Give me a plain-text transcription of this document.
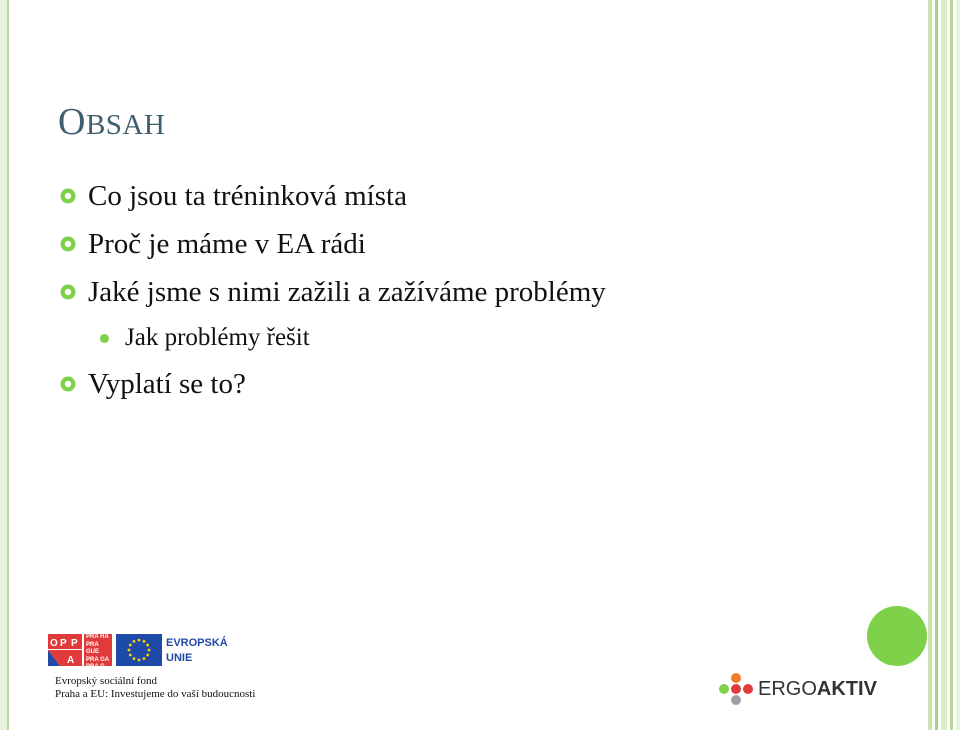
OBSAH
Co jsou ta tréninková místa
Proč je máme v EA rádi
Jaké jsme s nimi zažili a zažíváme problémy
Jak problémy řešit
Vyplatí se to?
O P P
A
PRA HA
PRA GUE
PRA GA
PRA G
EVROPSKÁ
UNIE
Evropský sociální fond
Praha a EU: Investujeme do vaší budoucnosti	ERGOAKTIV
